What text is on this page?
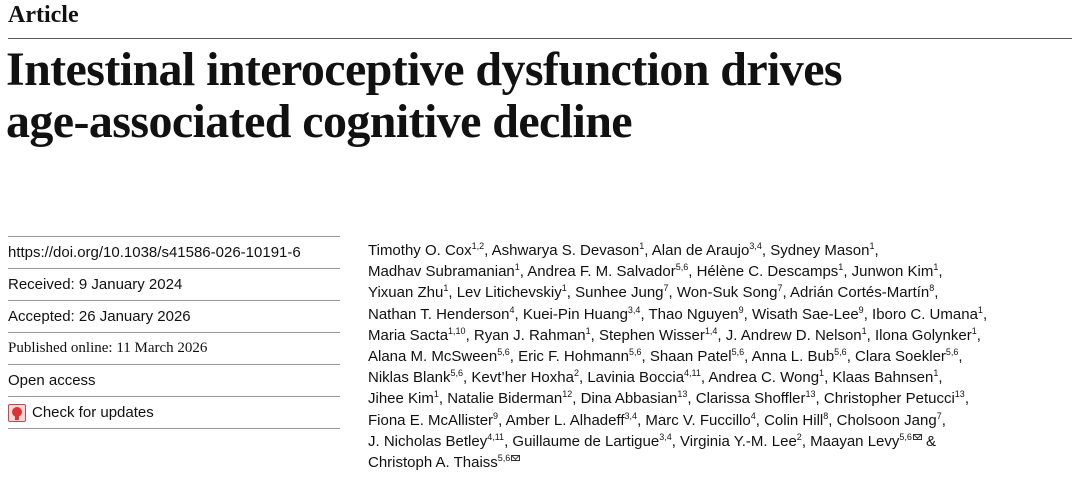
Article
Intestinal interoceptive dysfunction drives
age-associated cognitive decline
https://doi.org/10.1038/s41586-026-10191-6
Received: 9 January 2024
Accepted: 26 January 2026
Published online: 11 March 2026
Open access
Check for updates
Timothy O. Cox$^{1,2}$, Ashwarya S. Devason$^1$, Alan de Araujo$^{3,4}$, Sydney Mason$^1$,
Madhav Subramanian$^1$, Andrea F. M. Salvador$^{5,6}$, Hélène C. Descamps$^1$, Junwon Kim$^1$,
Yixuan Zhu$^1$, Lev Litichevskiy$^1$, Sunhee Jung$^7$, Won-Suk Song$^7$, Adrián Cortés-Martín$^8$,
Nathan T. Henderson$^4$, Kuei-Pin Huang$^{3,4}$, Thao Nguyen$^9$, Wisath Sae-Lee$^9$, Iboro C. Umana$^1$,
Maria Sacta$^{1,10}$, Ryan J. Rahman$^1$, Stephen Wisser$^{1,4}$, J. Andrew D. Nelson$^1$, Ilona Golynker$^1$,
Alana M. McSween$^{5,6}$, Eric F. Hohmann$^{5,6}$, Shaan Patel$^{5,6}$, Anna L. Bub$^{5,6}$, Clara Soekler$^{5,6}$,
Niklas Blank$^{5,6}$, Kevt’her Hoxha$^2$, Lavinia Boccia$^{4,11}$, Andrea C. Wong$^1$, Klaas Bahnsen$^1$,
Jihee Kim$^1$, Natalie Biderman$^{12}$, Dina Abbasian$^{13}$, Clarissa Shoffler$^{13}$, Christopher Petucci$^{13}$,
Fiona E. McAllister$^9$, Amber L. Alhadeff$^{3,4}$, Marc V. Fuccillo$^4$, Colin Hill$^8$, Cholsoon Jang$^7$,
J. Nicholas Betley$^{4,11}$, Guillaume de Lartigue$^{3,4}$, Virginia Y.-M. Lee$^2$, Maayan Levy$^{5,6}$ &
Christoph A. Thaiss$^{5,6}$
